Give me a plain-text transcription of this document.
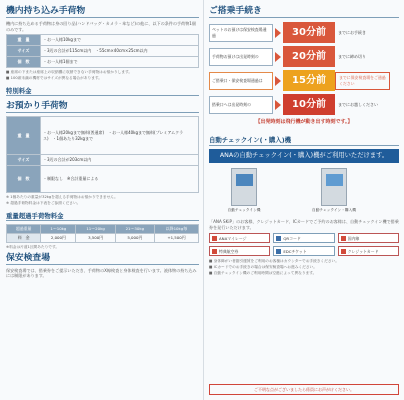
機内持ち込み手荷物

機内に持ち込める手荷物は身の回り品(ハンドバッグ・カメラ・傘など)の他に、以下の条件の手荷物1個のみです。

重　量	・お一人様10kgまで
サイズ	・3辺の合計が115cm以内　・55cm×40cm×25cm以内
個　数	・お一人様1個まで

■ 座席の下または座席上の収納棚に収納できない手荷物はお預かりします。

■ 100席未満の機材ではサイズが異なる場合があります。

特別料金
お預かり手荷物
重　量	・お一人様20kgまで無料(普通席)　・お一人様40kgまで無料(プレミアムクラス)　・1個あたり32kgまで
サイズ	・3辺の合計が203cm以内
個　数	・制限なし　※合計重量による

※ 1個あたりの重量が32kgを超える手荷物はお預かりできません。

※ 超過手荷物料金は下表をご参照ください。

重量超過手荷物料金
超過重量	1〜10kg	11〜20kg	21〜30kg	以降10kg毎
料　金	2,000円	3,500円	5,000円	+1,500円

※料金は片道1区間あたりです。

保安検査場

保安検査場では、搭乗券をご提示いただき、手荷物のX線検査と身体検査を行います。液体物の持ち込みには制限があります。

ご搭乗手続き
ペットのお預けは保安検査場通過	30分前	までにお手続き
手荷物お預けは出発時刻の	20分前	までに締め切り
ご搭乗口・保安検査場通過は	15分前	までに保安検査場をご通過ください
搭乗口へは出発時刻の	10分前	までにお越しください

【出発時刻は飛行機が動き出す時刻です。】

自動チェックイン(・購入)機
ANAの自動チェックイン(・購入)機がご利用いただけます。
自動チェックイン機	自動チェックイン・購入機

「ANA SKiP」のお客様、クレジットカード、ICカードでご予約のお客様は、自動チェックイン機で搭乗券を発行いただけます。

ANAマイレージ	QRコード	国内線
特典航空券	EDCチケット	クレジットカード

■ 身体障がい者割引運賃をご利用のお客様はカウンターでお手続きください。

■ ICカードでのお手続きの場合は保安検査場へお進みください。

■ 自動チェックイン機のご利用時間は空港によって異なります。

ご不明な点がございましたら係員にお声がけください。
